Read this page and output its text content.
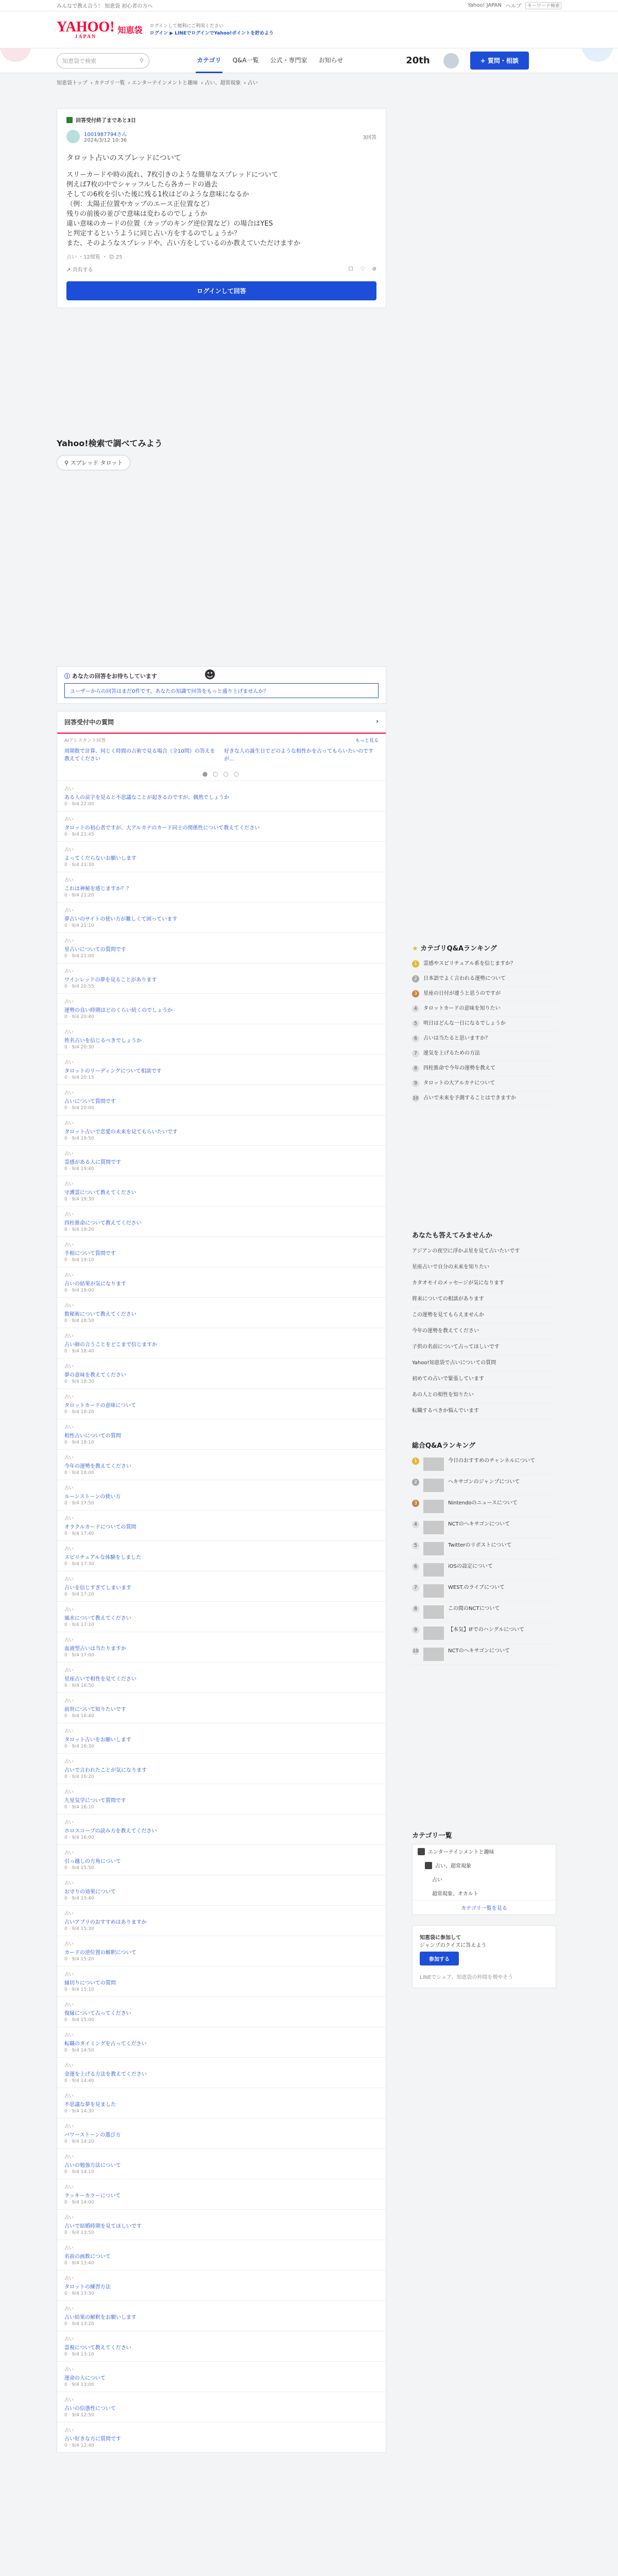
みんなで教え合う！ 知恵袋 初心者の方へ	Yahoo! JAPAN ヘルプ
キーワード検索
YAHOO!
JAPAN
知恵袋 ログインして便利にご利用ください
ログイン ▶ LINEでログインでYahoo!ポイントを貯めよう
知恵袋で検索	⚲	カテゴリ Q&A一覧 公式・専門家 お知らせ	20th	+ 質問・相談
知恵袋トップ › カテゴリ一覧 › エンターテインメントと趣味 › 占い、超常現象 › 占い
回答受付終了まであと3日
1001987794さん
2024/3/12 10:36	3回答
タロット占いのスプレッドについて
スリーカードや時の流れ、7枚引きのような簡単なスプレッドについて
例えば7枚の中でシャッフルしたら各カードの過去
そしての6枚を引いた後に残る1枚はどのような意味になるか
（例：太陽正位置やカップのエース正位置など）
残りの前後の並びで意味は変わるのでしょうか
違い意味のカードの位置（カップのキング逆位置など）の場合はYES
と判定するというように同じ占い方をするのでしょうか？
また、そのようなスプレッドや、占い方をしているのか教えていただけますか
占い ・12閲覧 ・ 😊 25
↗ 共有する	☐ ♡ ⊘
ログインして回答
Yahoo!検索で調べてみよう
⚲ スプレッド タロット
ⓘ あなたの回答をお待ちしています
ユーザーからの回答はまだ0件です。あなたの知識で回答をもっと盛り上げませんか？
☻
回答受付中の質問	›
AIアシスタント回答	もっと見る
周期数で計算、同じく時間の占術で見る場合（全10問）の答えを教えてください
好きな人の誕生日でどのような相性かを占ってもらいたいのですが…
● ○ ○ ○
占い
ある人の苗字を見ると不思議なことが起きるのですが、偶然でしょうか
0 · 9/4 22:00
占い
タロットの初心者ですが、大アルカナのカード同士の関係性について教えてください
0 · 9/4 21:45
占い
よってくだらないお願いします
0 · 9/4 21:30
占い
これは神秘を感じますか？？
0 · 9/4 21:20
占い
夢占いのサイトの使い方が難しくて困っています
0 · 9/4 21:10
占い
星占いについての質問です
0 · 9/4 21:00
占い
ワインレッドの夢を見ることがあります
0 · 9/4 20:55
占い
運勢の良い時期はどのくらい続くのでしょうか
0 · 9/4 20:40
占い
姓名占いを信じるべきでしょうか
0 · 9/4 20:30
占い
タロットのリーディングについて相談です
0 · 9/4 20:15
占い
占いについて質問です
0 · 9/4 20:00
占い
タロット占いで恋愛の未来を見てもらいたいです
0 · 9/4 19:50
占い
霊感がある人に質問です
0 · 9/4 19:40
占い
守護霊について教えてください
0 · 9/4 19:30
占い
四柱推命について教えてください
0 · 9/4 19:20
占い
手相について質問です
0 · 9/4 19:10
占い
占いの結果が気になります
0 · 9/4 19:00
占い
数秘術について教えてください
0 · 9/4 18:50
占い
占い師の言うことをどこまで信じますか
0 · 9/4 18:40
占い
夢の意味を教えてください
0 · 9/4 18:30
占い
タロットカードの意味について
0 · 9/4 18:20
占い
相性占いについての質問
0 · 9/4 18:10
占い
今年の運勢を教えてください
0 · 9/4 18:00
占い
ルーンストーンの使い方
0 · 9/4 17:50
占い
オラクルカードについての質問
0 · 9/4 17:40
占い
スピリチュアルな体験をしました
0 · 9/4 17:30
占い
占いを信じすぎてしまいます
0 · 9/4 17:20
占い
風水について教えてください
0 · 9/4 17:10
占い
血液型占いは当たりますか
0 · 9/4 17:00
占い
星座占いで相性を見てください
0 · 9/4 16:50
占い
前世について知りたいです
0 · 9/4 16:40
占い
タロット占いをお願いします
0 · 9/4 16:30
占い
占いで言われたことが気になります
0 · 9/4 16:20
占い
九星気学について質問です
0 · 9/4 16:10
占い
ホロスコープの読み方を教えてください
0 · 9/4 16:00
占い
引っ越しの方角について
0 · 9/4 15:50
占い
お守りの効果について
0 · 9/4 15:40
占い
占いアプリのおすすめはありますか
0 · 9/4 15:30
占い
カードの逆位置の解釈について
0 · 9/4 15:20
占い
縁切りについての質問
0 · 9/4 15:10
占い
復縁について占ってください
0 · 9/4 15:00
占い
転職のタイミングを占ってください
0 · 9/4 14:50
占い
金運を上げる方法を教えてください
0 · 9/4 14:40
占い
不思議な夢を見ました
0 · 9/4 14:30
占い
パワーストーンの選び方
0 · 9/4 14:20
占い
占いの勉強方法について
0 · 9/4 14:10
占い
ラッキーカラーについて
0 · 9/4 14:00
占い
占いで結婚時期を見てほしいです
0 · 9/4 13:50
占い
名前の画数について
0 · 9/4 13:40
占い
タロットの練習方法
0 · 9/4 13:30
占い
占い結果の解釈をお願いします
0 · 9/4 13:20
占い
霊視について教えてください
0 · 9/4 13:10
占い
運命の人について
0 · 9/4 13:00
占い
占いの信憑性について
0 · 9/4 12:50
占い
占い好きな方に質問です
0 · 9/4 12:40
★ カテゴリQ&Aランキング
1	霊感やスピリチュアル系を信じますか？
2	日本語でよく言われる運勢について
3	星座の日付が違うと思うのですが
4	タロットカードの意味を知りたい
5	明日はどんな一日になるでしょうか
6	占いは当たると思いますか？
7	運気を上げるための方法
8	四柱推命で今年の運勢を教えて
9	タロットの大アルカナについて
10 占いで未来を予測することはできますか
あなたも答えてみませんか
アジアンの夜空に浮かぶ星を見て占いたいです
星座占いで自分の未来を知りたい
カタオモイのメッセージが気になります
将来についての相談があります
この運勢を見てもらえませんか
今年の運勢を教えてください
子供の名前について占ってほしいです
Yahoo!知恵袋で占いについての質問
初めての占いで緊張しています
あの人との相性を知りたい
転職するべきか悩んでいます
総合Q&Aランキング
1	今日のおすすめのチャンネルについて
2	ヘキサゴンのジャンプについて
3	Nintendoのニュースについて
4	NCTのヘキサゴンについて
5	Twitterのリポストについて
6	iOSの設定について
7	WEST.のライブについて
8	この間のNCTについて
9	【本気】IFでのハングルについて
10	NCTのヘキサゴンについて
カテゴリ一覧
エンターテインメントと趣味
占い、超常現象
占い
超常現象、オカルト
カテゴリ一覧を見る
知恵袋に参加して
ジャンプのクイズに答えよう
参加する
LINEでシェア、知恵袋の仲間を増やそう
